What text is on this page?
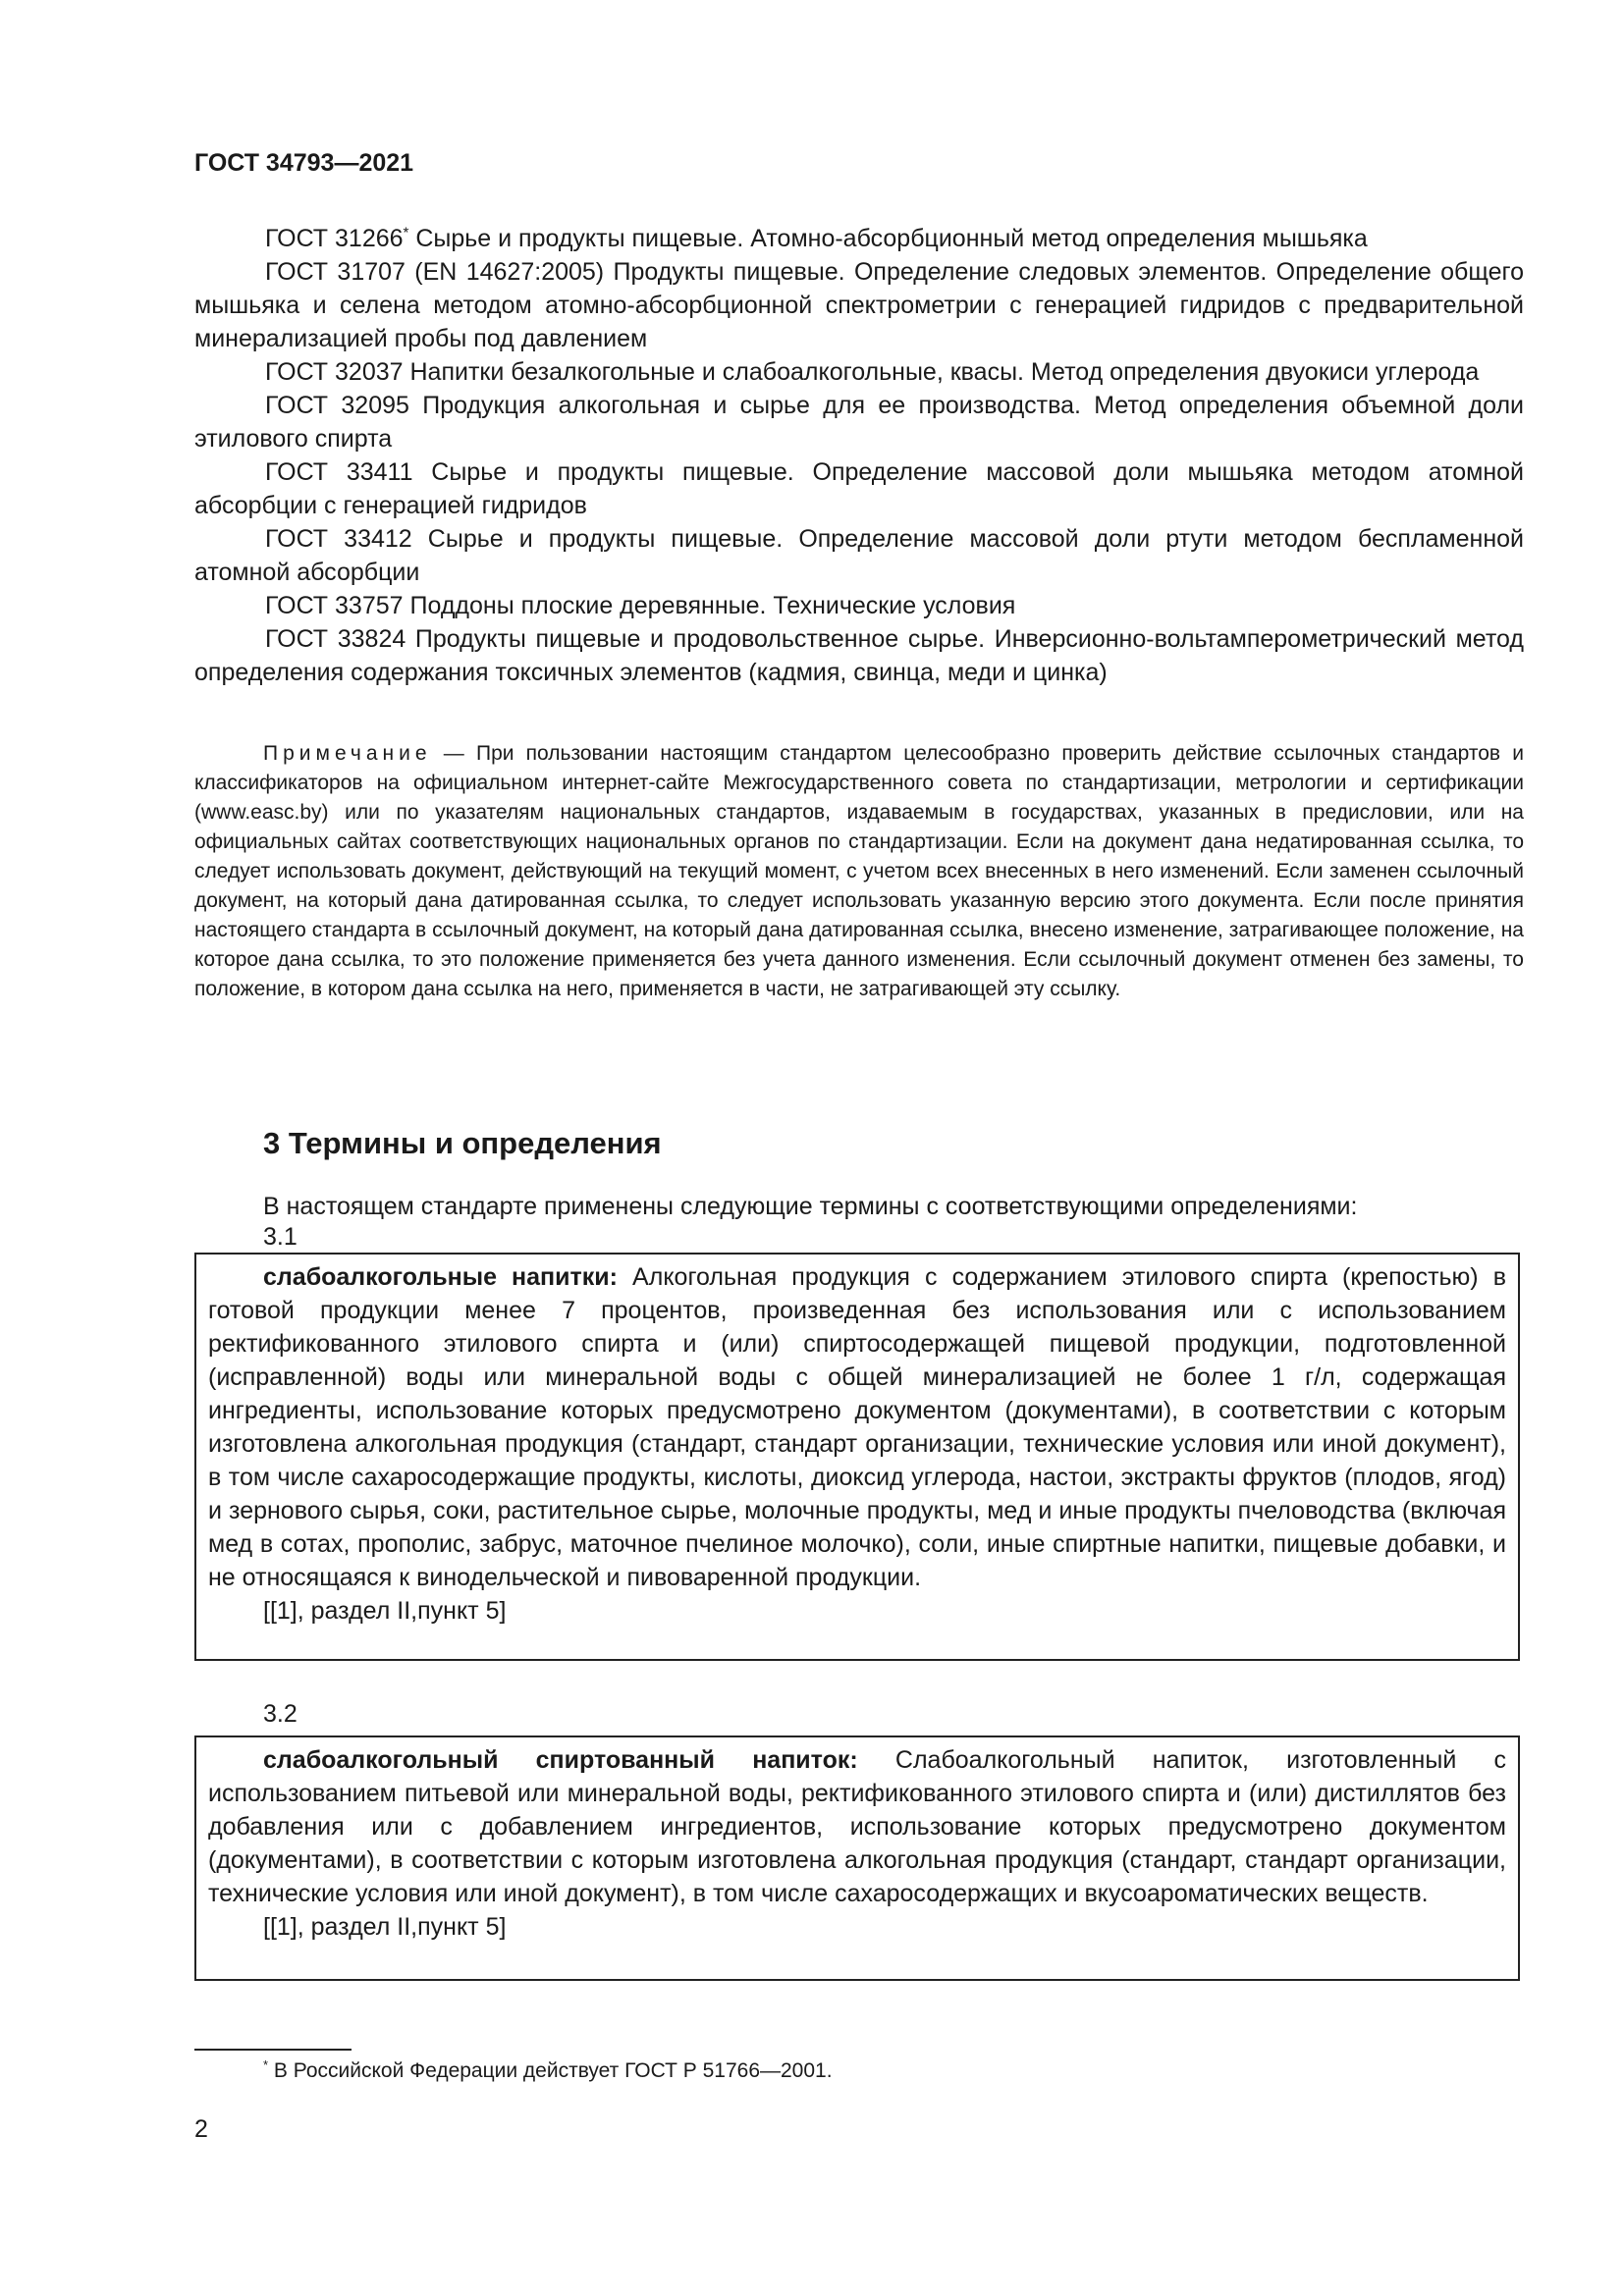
ГОСТ 34793—2021

ГОСТ 31266* Сырье и продукты пищевые. Атомно-абсорбционный метод определения мышьяка

ГОСТ 31707 (EN 14627:2005) Продукты пищевые. Определение следовых элементов. Определение общего мышьяка и селена методом атомно-абсорбционной спектрометрии с генерацией гидридов с предварительной минерализацией пробы под давлением

ГОСТ 32037 Напитки безалкогольные и слабоалкогольные, квасы. Метод определения двуокиси углерода

ГОСТ 32095 Продукция алкогольная и сырье для ее производства. Метод определения объемной доли этилового спирта

ГОСТ 33411 Сырье и продукты пищевые. Определение массовой доли мышьяка методом атомной абсорбции с генерацией гидридов

ГОСТ 33412 Сырье и продукты пищевые. Определение массовой доли ртути методом беспламенной атомной абсорбции

ГОСТ 33757 Поддоны плоские деревянные. Технические условия

ГОСТ 33824 Продукты пищевые и продовольственное сырье. Инверсионно-вольтамперометрический метод определения содержания токсичных элементов (кадмия, свинца, меди и цинка)

Примечание — При пользовании настоящим стандартом целесообразно проверить действие ссылочных стандартов и классификаторов на официальном интернет-сайте Межгосударственного совета по стандартизации, метрологии и сертификации (www.easc.by) или по указателям национальных стандартов, издаваемым в государствах, указанных в предисловии, или на официальных сайтах соответствующих национальных органов по стандартизации. Если на документ дана недатированная ссылка, то следует использовать документ, действующий на текущий момент, с учетом всех внесенных в него изменений. Если заменен ссылочный документ, на который дана датированная ссылка, то следует использовать указанную версию этого документа. Если после принятия настоящего стандарта в ссылочный документ, на который дана датированная ссылка, внесено изменение, затрагивающее положение, на которое дана ссылка, то это положение применяется без учета данного изменения. Если ссылочный документ отменен без замены, то положение, в котором дана ссылка на него, применяется в части, не затрагивающей эту ссылку.
3 Термины и определения
В настоящем стандарте применены следующие термины с соответствующими определениями:
3.1

слабоалкогольные напитки: Алкогольная продукция с содержанием этилового спирта (крепостью) в готовой продукции менее 7 процентов, произведенная без использования или с использованием ректификованного этилового спирта и (или) спиртосодержащей пищевой продукции, подготовленной (исправленной) воды или минеральной воды с общей минерализацией не более 1 г/л, содержащая ингредиенты, использование которых предусмотрено документом (документами), в соответствии с которым изготовлена алкогольная продукция (стандарт, стандарт организации, технические условия или иной документ), в том числе сахаросодержащие продукты, кислоты, диоксид углерода, настои, экстракты фруктов (плодов, ягод) и зернового сырья, соки, растительное сырье, молочные продукты, мед и иные продукты пчеловодства (включая мед в сотах, прополис, забрус, маточное пчелиное молочко), соли, иные спиртные напитки, пищевые добавки, и не относящаяся к винодельческой и пивоваренной продукции.

[[1], раздел II,пункт 5]

3.2

слабоалкогольный спиртованный напиток: Слабоалкогольный напиток, изготовленный с использованием питьевой или минеральной воды, ректификованного этилового спирта и (или) дистиллятов без добавления или с добавлением ингредиентов, использование которых предусмотрено документом (документами), в соответствии с которым изготовлена алкогольная продукция (стандарт, стандарт организации, технические условия или иной документ), в том числе сахаросодержащих и вкусоароматических веществ.

[[1], раздел II,пункт 5]

* В Российской Федерации действует ГОСТ Р 51766—2001.
2
